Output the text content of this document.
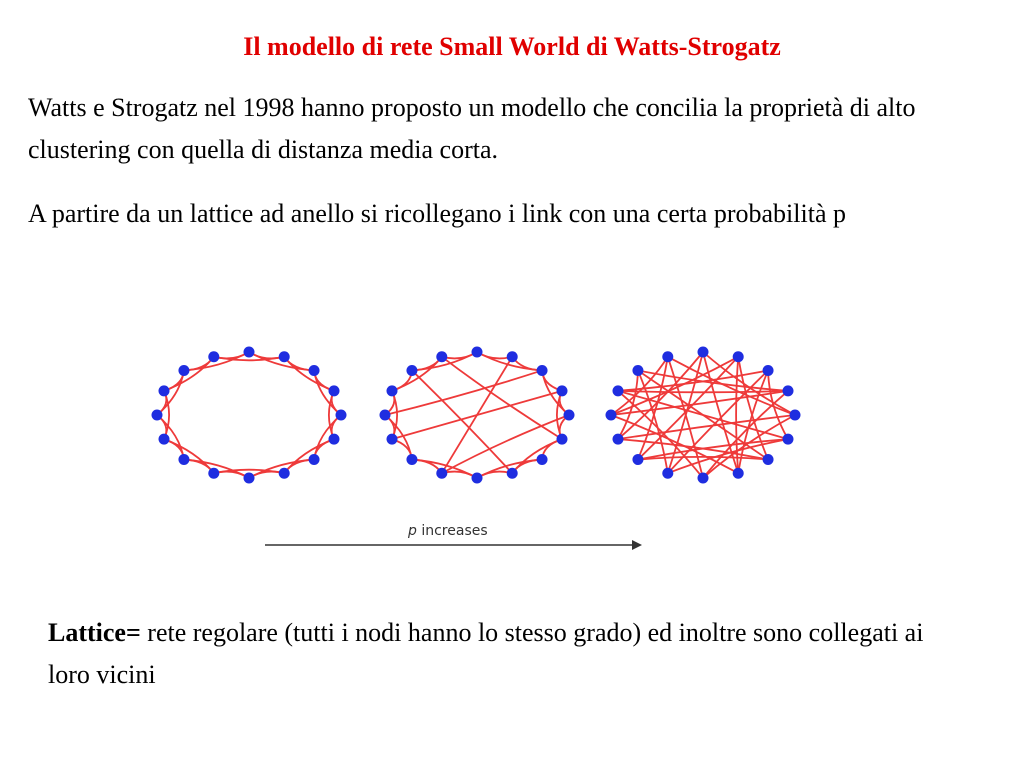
Il modello di rete Small World di Watts-Strogatz

Watts e Strogatz nel 1998 hanno proposto un modello che concilia la proprietà di alto clustering con quella di distanza media corta.

A partire da un lattice ad anello si ricollegano i link con una certa probabilità p

p increases

Lattice= rete regolare (tutti i nodi hanno lo stesso grado) ed inoltre sono collegati ai loro vicini
